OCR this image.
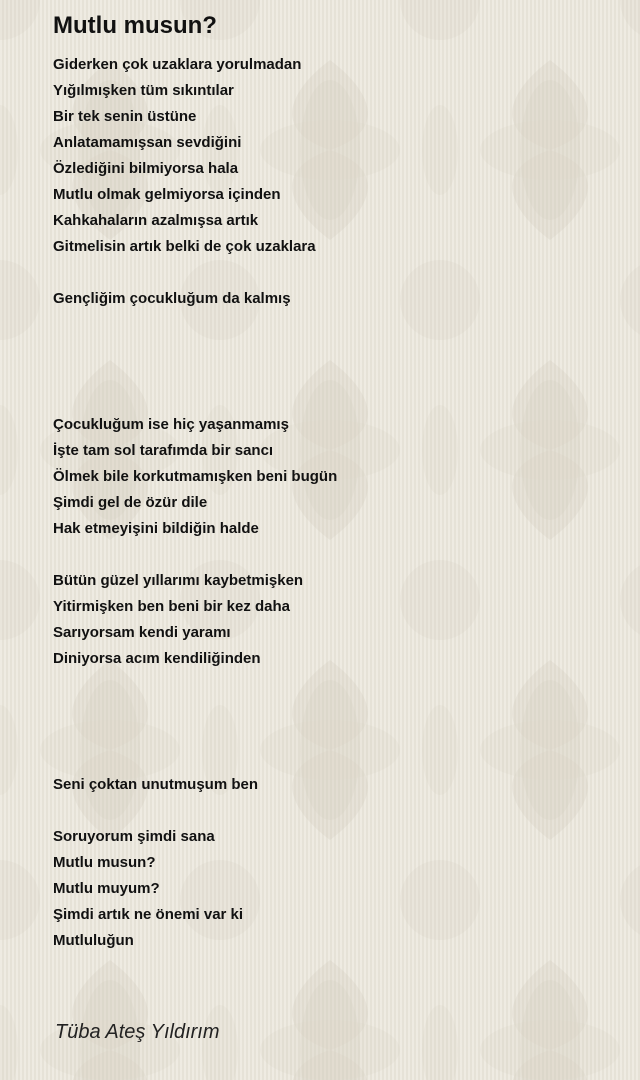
Mutlu musun?

Giderken çok uzaklara yorulmadan

Yığılmışken tüm sıkıntılar

Bir tek senin üstüne

Anlatamamışsan sevdiğini

Özlediğini bilmiyorsa hala

Mutlu olmak gelmiyorsa içinden

Kahkahaların azalmışsa artık

Gitmelisin artık belki de çok uzaklara

Gençliğim çocukluğum da kalmış

Çocukluğum ise hiç yaşanmamış

İşte tam sol tarafımda bir sancı

Ölmek bile korkutmamışken beni bugün

Şimdi gel de özür dile

Hak etmeyişini bildiğin halde

Bütün güzel yıllarımı kaybetmişken

Yitirmişken ben beni bir kez daha

Sarıyorsam kendi yaramı

Diniyorsa acım kendiliğinden

Seni çoktan unutmuşum ben

Soruyorum şimdi sana

Mutlu musun?

Mutlu muyum?

Şimdi artık ne önemi var ki

Mutluluğun

Tüba Ateş Yıldırım
